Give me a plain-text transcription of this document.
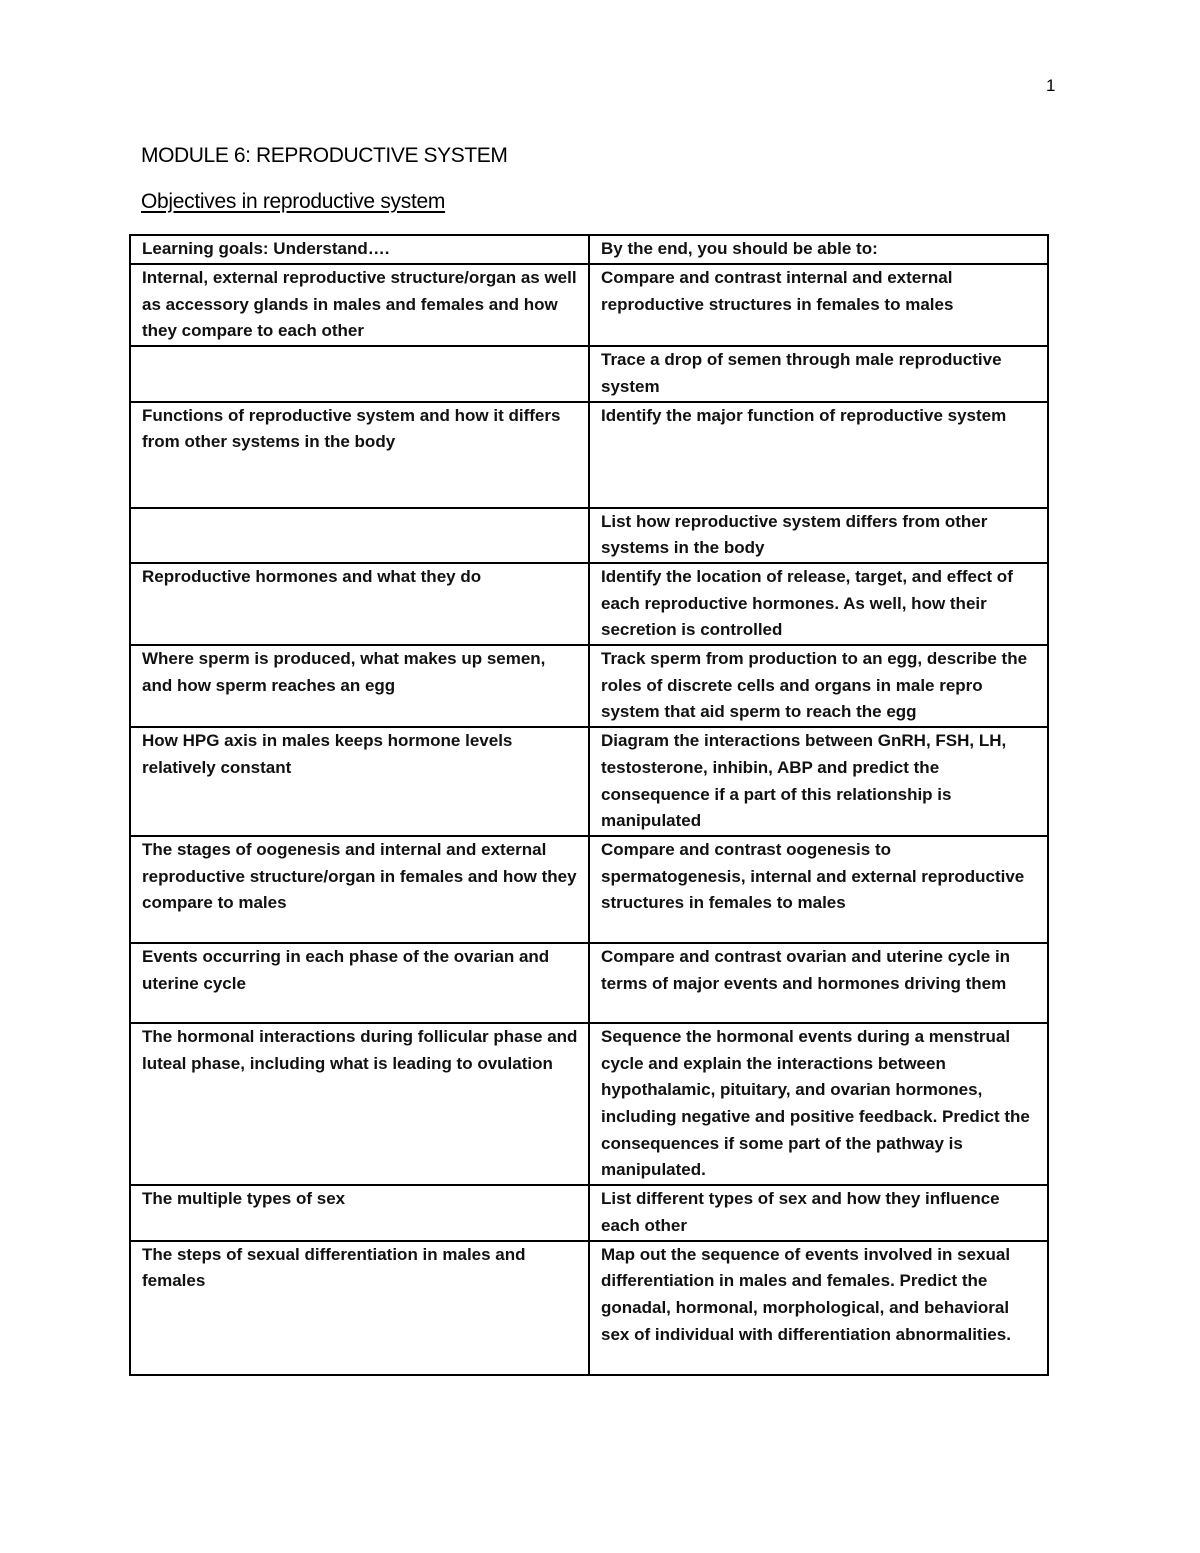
1
MODULE 6: REPRODUCTIVE SYSTEM
Objectives in reproductive system
Learning goals: Understand….	By the end, you should be able to:

Internal, external reproductive structure/organ as well as accessory glands in males and females and how they compare to each other	Compare and contrast internal and external reproductive structures in females to males

	Trace a drop of semen through male reproductive system

Functions of reproductive system and how it differs from other systems in the body	Identify the major function of reproductive system

	List how reproductive system differs from other systems in the body

Reproductive hormones and what they do	Identify the location of release, target, and effect of each reproductive hormones. As well, how their secretion is controlled

Where sperm is produced, what makes up semen, and how sperm reaches an egg	Track sperm from production to an egg, describe the roles of discrete cells and organs in male repro system that aid sperm to reach the egg

How HPG axis in males keeps hormone levels relatively constant	Diagram the interactions between GnRH, FSH, LH, testosterone, inhibin, ABP and predict the consequence if a part of this relationship is manipulated

The stages of oogenesis and internal and external reproductive structure/organ in females and how they compare to males	Compare and contrast oogenesis to spermatogenesis, internal and external reproductive structures in females to males

Events occurring in each phase of the ovarian and uterine cycle	Compare and contrast ovarian and uterine cycle in terms of major events and hormones driving them

The hormonal interactions during follicular phase and luteal phase, including what is leading to ovulation	Sequence the hormonal events during a menstrual cycle and explain the interactions between hypothalamic, pituitary, and ovarian hormones, including negative and positive feedback. Predict the consequences if some part of the pathway is manipulated.

The multiple types of sex	List different types of sex and how they influence each other

The steps of sexual differentiation in males and females	Map out the sequence of events involved in sexual differentiation in males and females. Predict the gonadal, hormonal, morphological, and behavioral sex of individual with differentiation abnormalities.
